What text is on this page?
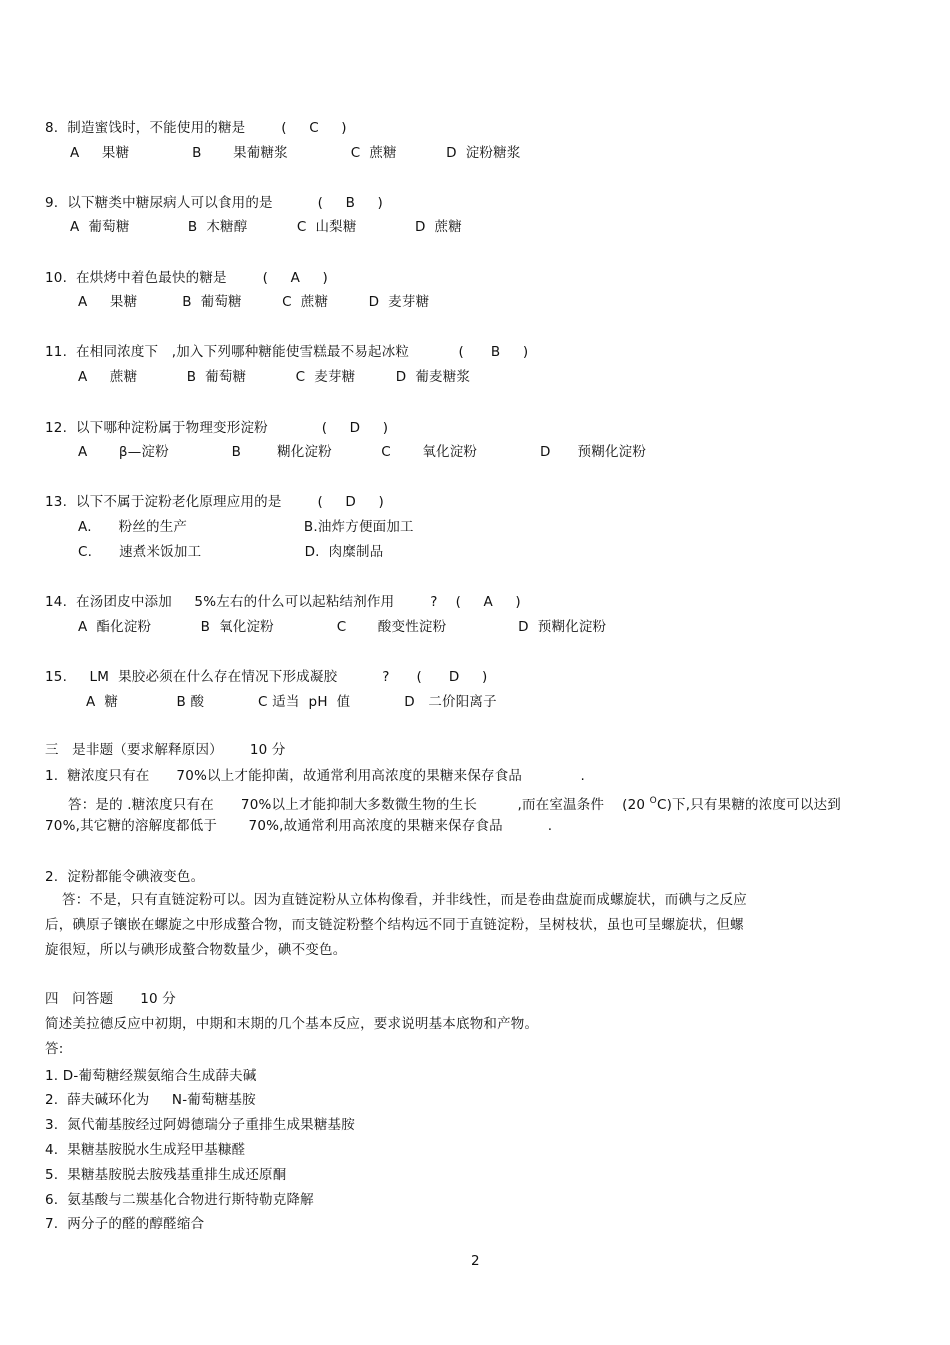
8.  制造蜜饯时，不能使用的糖是        (     C     )
A     果糖              B       果葡糖浆              C  蔗糖           D  淀粉糖浆
9.  以下糖类中糖尿病人可以食用的是          (     B     )
A  葡萄糖             B  木糖醇           C  山梨糖             D  蔗糖
10.  在烘烤中着色最快的糖是        (     A     )
A     果糖          B  葡萄糖         C  蔗糖         D  麦芽糖
11.  在相同浓度下   ,加入下列哪种糖能使雪糕最不易起冰粒           (      B     )
A     蔗糖           B  葡萄糖           C  麦芽糖         D  葡麦糖浆
12.  以下哪种淀粉属于物理变形淀粉            (     D     )
A       β—淀粉              B        糊化淀粉           C       氧化淀粉              D      预糊化淀粉
13.  以下不属于淀粉老化原理应用的是        (     D     )
A.      粉丝的生产                          B.油炸方便面加工
C.      速煮米饭加工                       D.  肉糜制品
14.  在汤团皮中添加     5%左右的什么可以起粘结剂作用        ?    (     A     )
A  酯化淀粉           B  氧化淀粉              C       酸变性淀粉                D  预糊化淀粉
15.     LM  果胶必须在什么存在情况下形成凝胶          ?      (      D     )
A  糖             B 酸            C 适当  pH  值            D   二价阳离子
三   是非题（要求解释原因）      10 分
1.  糖浓度只有在      70%以上才能抑菌，故通常利用高浓度的果糖来保存食品             .
答：是的 .糖浓度只有在      70%以上才能抑制大多数微生物的生长         ,而在室温条件    (20 $^O$C)下,只有果糖的浓度可以达到
70%,其它糖的溶解度都低于       70%,故通常利用高浓度的果糖来保存食品          .
2.  淀粉都能令碘液变色。
答：不是，只有直链淀粉可以。因为直链淀粉从立体构像看，并非线性，而是卷曲盘旋而成螺旋状，而碘与之反应
后，碘原子镶嵌在螺旋之中形成螯合物，而支链淀粉整个结构远不同于直链淀粉，呈树枝状，虽也可呈螺旋状，但螺
旋很短，所以与碘形成螯合物数量少，碘不变色。
四   问答题      10 分
简述美拉德反应中初期，中期和末期的几个基本反应，要求说明基本底物和产物。
答:
1. D-葡萄糖经羰氨缩合生成薛夫碱
2.  薛夫碱环化为     N-葡萄糖基胺
3.  氮代葡基胺经过阿姆德瑞分子重排生成果糖基胺
4.  果糖基胺脱水生成羟甲基糠醛
5.  果糖基胺脱去胺残基重排生成还原酮
6.  氨基酸与二羰基化合物进行斯特勒克降解
7.  两分子的醛的醇醛缩合
2
